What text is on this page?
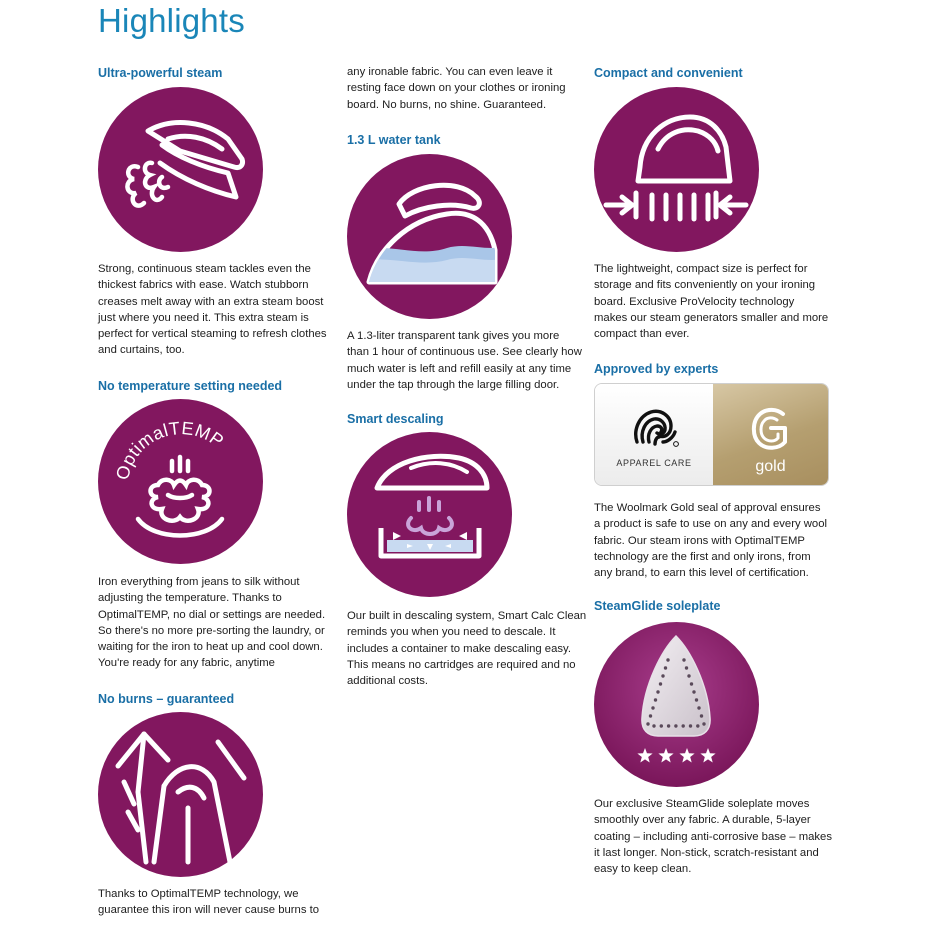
Highlights
Ultra-powerful steam
Strong, continuous steam tackles even the
thickest fabrics with ease. Watch stubborn
creases melt away with an extra steam boost
just where you need it. This extra steam is
perfect for vertical steaming to refresh clothes
and curtains, too.
No temperature setting needed
OptimalTEMP
Iron everything from jeans to silk without
adjusting the temperature. Thanks to
OptimalTEMP, no dial or settings are needed.
So there's no more pre-sorting the laundry, or
waiting for the iron to heat up and cool down.
You're ready for any fabric, anytime
No burns – guaranteed
Thanks to OptimalTEMP technology, we
guarantee this iron will never cause burns to
any ironable fabric. You can even leave it
resting face down on your clothes or ironing
board. No burns, no shine. Guaranteed.
1.3 L water tank
A 1.3-liter transparent tank gives you more
than 1 hour of continuous use. See clearly how
much water is left and refill easily at any time
under the tap through the large filling door.
Smart descaling
Our built in descaling system, Smart Calc Clean
reminds you when you need to descale. It
includes a container to make descaling easy.
This means no cartridges are required and no
additional costs.
Compact and convenient
The lightweight, compact size is perfect for
storage and fits conveniently on your ironing
board. Exclusive ProVelocity technology
makes our steam generators smaller and more
compact than ever.
Approved by experts
APPAREL CARE	gold
The Woolmark Gold seal of approval ensures
a product is safe to use on any and every wool
fabric. Our steam irons with OptimalTEMP
technology are the first and only irons, from
any brand, to earn this level of certification.
SteamGlide soleplate
Our exclusive SteamGlide soleplate moves
smoothly over any fabric. A durable, 5-layer
coating – including anti-corrosive base – makes
it last longer. Non-stick, scratch-resistant and
easy to keep clean.
